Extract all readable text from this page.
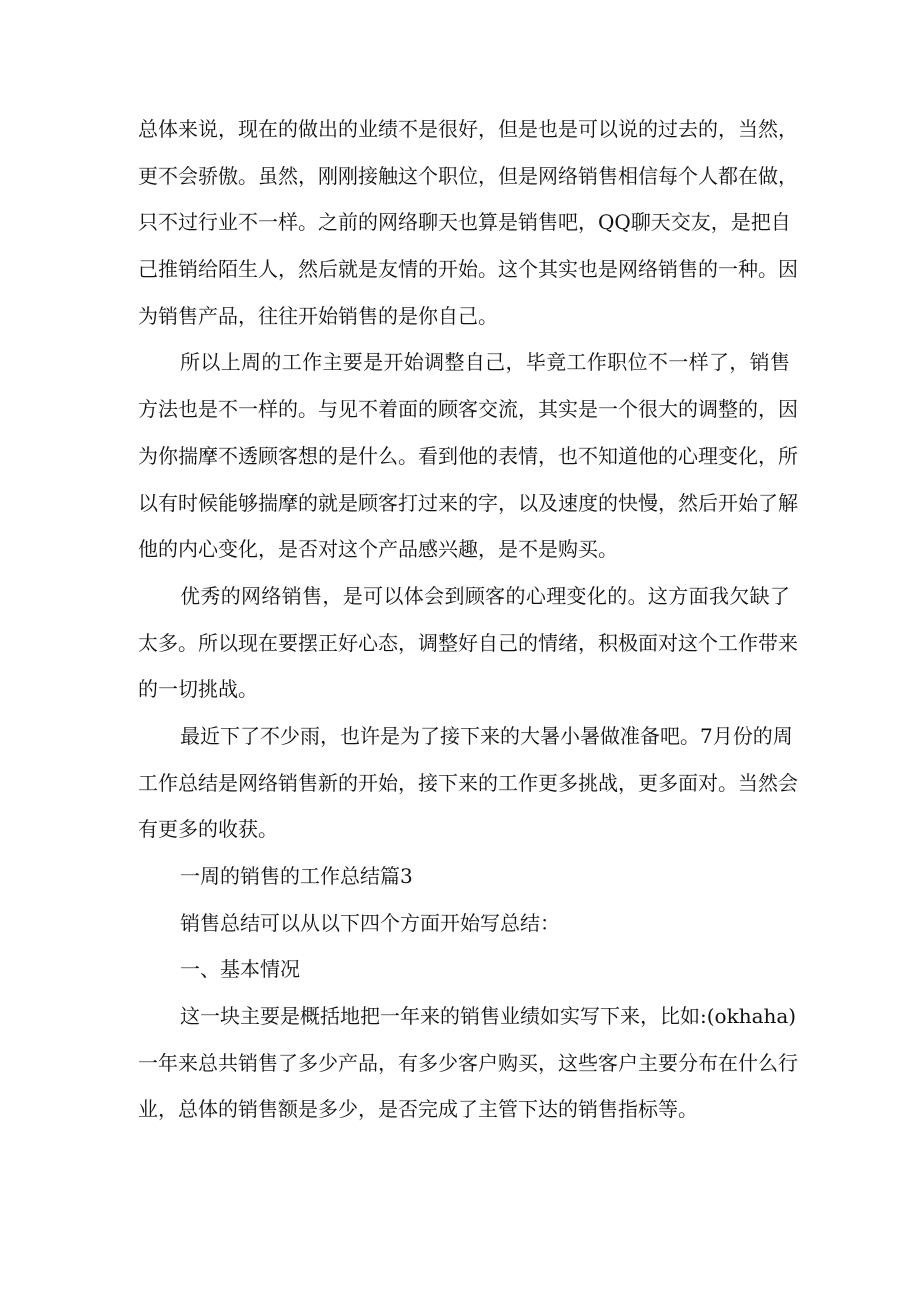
总体来说，现在的做出的业绩不是很好，但是也是可以说的过去的，当然，
更不会骄傲。虽然，刚刚接触这个职位，但是网络销售相信每个人都在做，
只不过行业不一样。之前的网络聊天也算是销售吧，QQ聊天交友，是把自
己推销给陌生人，然后就是友情的开始。这个其实也是网络销售的一种。因
为销售产品，往往开始销售的是你自己。
所以上周的工作主要是开始调整自己，毕竟工作职位不一样了，销售
方法也是不一样的。与见不着面的顾客交流，其实是一个很大的调整的，因
为你揣摩不透顾客想的是什么。看到他的表情，也不知道他的心理变化，所
以有时候能够揣摩的就是顾客打过来的字，以及速度的快慢，然后开始了解
他的内心变化，是否对这个产品感兴趣，是不是购买。
优秀的网络销售，是可以体会到顾客的心理变化的。这方面我欠缺了
太多。所以现在要摆正好心态，调整好自己的情绪，积极面对这个工作带来
的一切挑战。
最近下了不少雨，也许是为了接下来的大暑小暑做准备吧。7月份的周
工作总结是网络销售新的开始，接下来的工作更多挑战，更多面对。当然会
有更多的收获。
一周的销售的工作总结篇3
销售总结可以从以下四个方面开始写总结：
一、基本情况
这一块主要是概括地把一年来的销售业绩如实写下来，比如:(okhaha)
一年来总共销售了多少产品，有多少客户购买，这些客户主要分布在什么行
业，总体的销售额是多少，是否完成了主管下达的销售指标等。
